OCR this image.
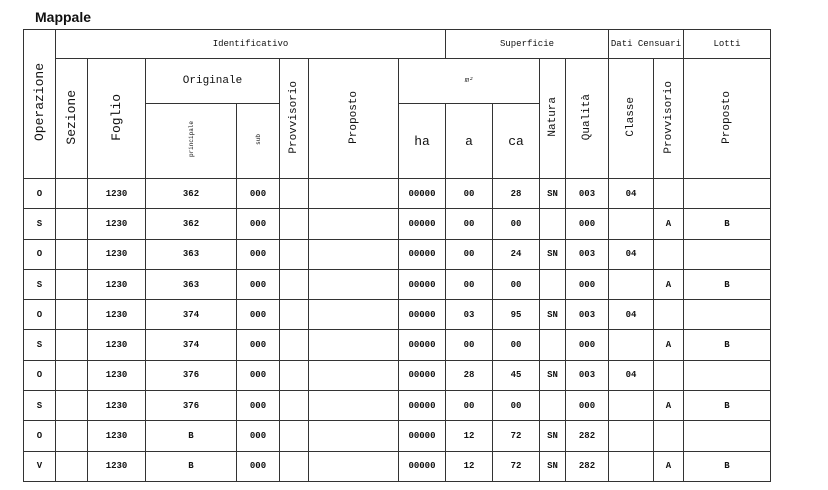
Mappale
Operazione	Identificativo							Superficie				Dati Censuari		Lotti
	Sezione	Foglio	Originale		Provvisorio	Proposto	m²			Natura	Qualità	Classe	Provvisorio	Proposto
			principale	sub			ha	a	ca					
O		1230	362	000			00000	00	28	SN	003	04		
S		1230	362	000			00000	00	00		000		A	B
O		1230	363	000			00000	00	24	SN	003	04		
S		1230	363	000			00000	00	00		000		A	B
O		1230	374	000			00000	03	95	SN	003	04		
S		1230	374	000			00000	00	00		000		A	B
O		1230	376	000			00000	28	45	SN	003	04		
S		1230	376	000			00000	00	00		000		A	B
O		1230	B	000			00000	12	72	SN	282			
V		1230	B	000			00000	12	72	SN	282		A	B
